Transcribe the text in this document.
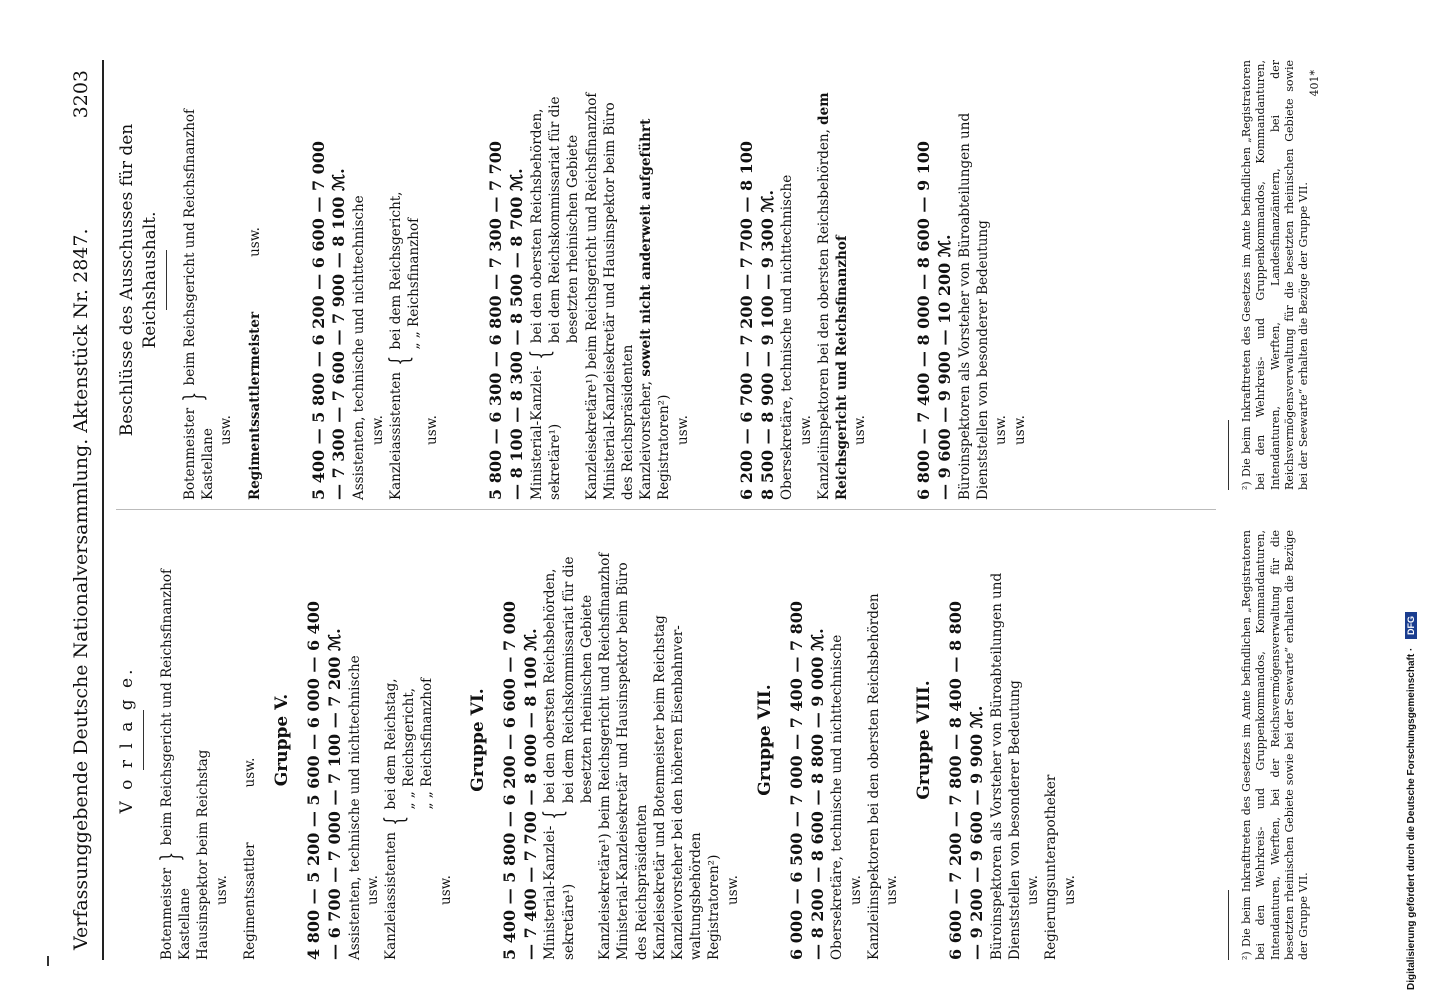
Verfassunggebende Deutsche Nationalversammlung. Aktenstück Nr. 2847.
3203
V o r l a g e.
Botenmeister
Kastellane
}
beim Reichsgericht und Reichsfinanzhof
Hausinspektor beim Reichstag usw. Regimentssattler
usw. Gruppe V.
4 800 — 5 200 — 5 600 — 6 000 — 6 400
— 6 700 — 7 000 — 7 100 — 7 200 ℳ.
Assistenten, technische und nichttechnische usw. Kanzleiassistenten
{
bei dem Reichstag,
„ „ Reichsgericht,
„ „ Reichsfinanzhof
usw.
Gruppe VI.
5 400 — 5 800 — 6 200 — 6 600 — 7 000
— 7 400 — 7 700 — 8 000 — 8 100 ℳ.
Ministerial-Kanzlei-
sekretäre¹)
{
bei den obersten Reichsbehörden,
bei dem Reichskommissariat für die
besetzten rheinischen Gebiete
Kanzleisekretäre¹) beim Reichsgericht und Reichsfinanzhof
Ministerial-Kanzleisekretär und Hausinspektor beim Büro
des Reichspräsidenten
Kanzleisekretär und Botenmeister beim Reichstag
Kanzleivorsteher bei den höheren Eisenbahnver-
waltungsbehörden
Registratoren²) usw.
Gruppe VII.
6 000 — 6 500 — 7 000 — 7 400 — 7 800
— 8 200 — 8 600 — 8 800 — 9 000 ℳ. Obersekretäre, technische und nichttechnische usw. Kanzleiinspektoren bei den obersten Reichsbehörden usw.
Gruppe VIII.
6 600 — 7 200 — 7 800 — 8 400 — 8 800
— 9 200 — 9 600 — 9 900 ℳ.
Büroinspektoren als Vorsteher von Büroabteilungen und
Dienststellen von besonderer Bedeutung
usw. Regierungsunterapotheker usw.
Beschlüsse des Ausschusses für den Reichshaushalt.
Botenmeister
Kastellane
}
beim Reichsgericht und Reichsfinanzhof
usw. Regimentssattlermeister
usw.
5 400 — 5 800 — 6 200 — 6 600 — 7 000
— 7 300 — 7 600 — 7 900 — 8 100 ℳ.
Assistenten, technische und nichttechnische usw. Kanzleiassistenten
{
bei dem Reichsgericht,
„ „ Reichsfinanzhof
usw.
5 800 — 6 300 — 6 800 — 7 300 — 7 700
— 8 100 — 8 300 — 8 500 — 8 700 ℳ.
Ministerial-Kanzlei-
sekretäre¹)
{
bei den obersten Reichsbehörden,
bei dem Reichskommissariat für die
besetzten rheinischen Gebiete
Kanzleisekretäre¹) beim Reichsgericht und Reichsfinanzhof
Ministerial-Kanzleisekretär und Hausinspektor beim Büro
des Reichspräsidenten Kanzleivorsteher, soweit nicht anderweit aufgeführt
Registratoren²) usw.
6 200 — 6 700 — 7 200 — 7 700 — 8 100
8 500 — 8 900 — 9 100 — 9 300 ℳ. Obersekretäre, technische und nichttechnische usw. Kanzleiinspektoren bei den obersten Reichsbehörden, dem Reichsgericht und Reichsfinanzhof usw.
6 800 — 7 400 — 8 000 — 8 600 — 9 100
— 9 600 — 9 900 — 10 200 ℳ.
Büroinspektoren als Vorsteher von Büroabteilungen und
Dienststellen von besonderer Bedeutung
usw. usw.
²) Die beim Inkrafttreten des Gesetzes im Amte befindlichen „Registratoren bei den Wehrkreis- und Gruppenkommandos, Kommandanturen, Intendanturen, Werften, bei der Reichsvermögensverwaltung für die besetzten rheinischen Gebiete sowie bei der Seewarte“ erhalten die Bezüge der Gruppe VII.
²) Die beim Inkrafttreten des Gesetzes im Amte befindlichen „Registratoren bei den Wehrkreis- und Gruppenkommandos, Kommandanturen, Intendanturen, Werften, Landesfinanzämtern, bei der Reichsvermögensverwaltung für die besetzten rheinischen Gebiete sowie bei der Seewarte“ erhalten die Bezüge der Gruppe VII.
401*
Digitalisierung gefördert durch die Deutsche Forschungsgemeinschaft · DFG
